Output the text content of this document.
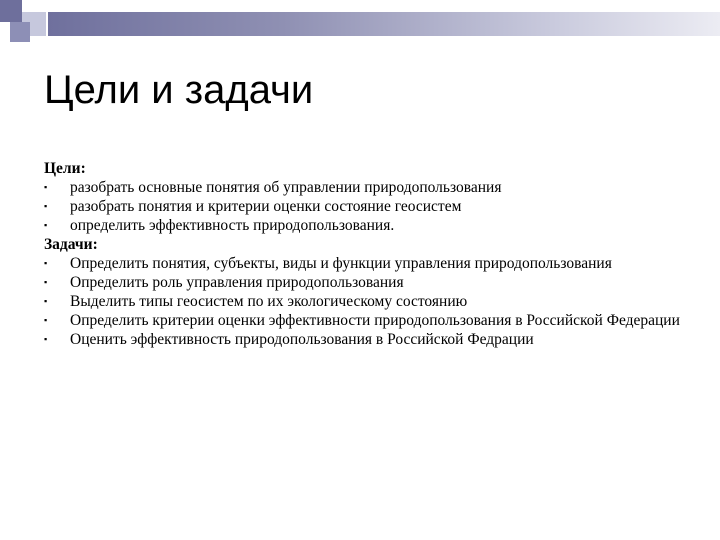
Цели и задачи
Цели:
▪ разобрать основные понятия об управлении природопользования
▪ разобрать понятия и критерии оценки состояние геосистем
▪ определить эффективность природопользования.
Задачи:
▪ Определить понятия, субъекты, виды и функции управления природопользования
▪ Определить роль управления природопользования
▪ Выделить типы геосистем по их экологическому состоянию
▪ Определить критерии оценки эффективности природопользования в Российской Федерации
▪ Оценить эффективность природопользования в Российской Федрации
